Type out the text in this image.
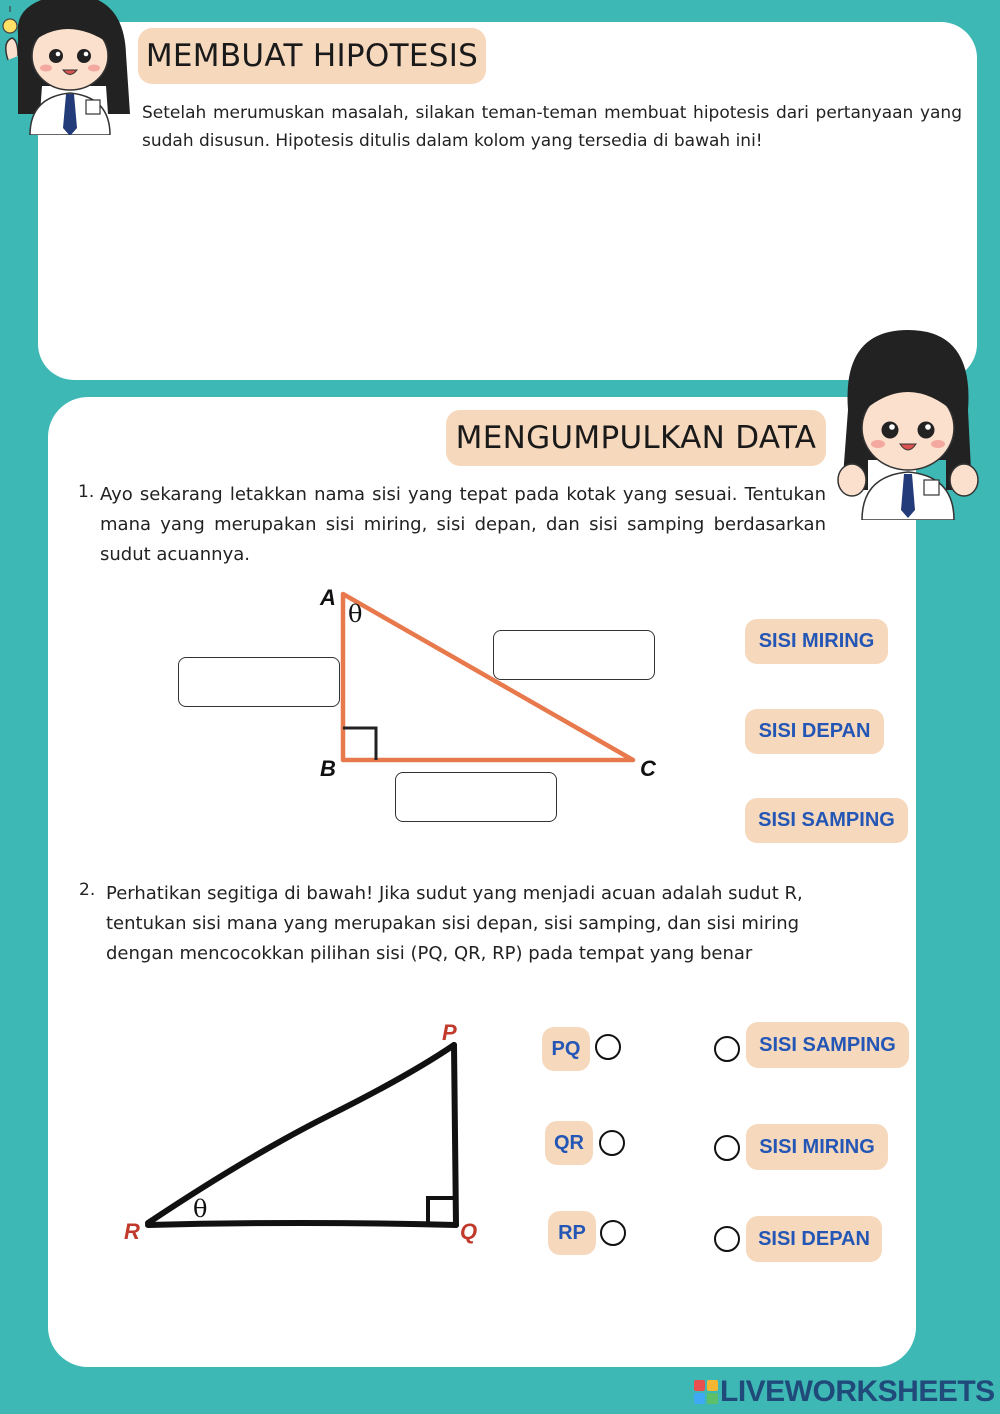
MEMBUAT HIPOTESIS
Setelah merumuskan masalah, silakan teman-teman membuat hipotesis dari pertanyaan yang sudah disusun. Hipotesis ditulis dalam kolom yang tersedia di bawah ini!
MENGUMPULKAN DATA
1. Ayo sekarang letakkan nama sisi yang tepat pada kotak yang sesuai. Tentukan mana yang merupakan sisi miring, sisi depan, dan sisi samping berdasarkan sudut acuannya.
A
B	C
θ
SISI MIRING
SISI DEPAN
SISI SAMPING
2. Perhatikan segitiga di bawah! Jika sudut yang menjadi acuan adalah sudut R, tentukan sisi mana yang merupakan sisi depan, sisi samping, dan sisi miring dengan mencocokkan pilihan sisi (PQ, QR, RP) pada tempat yang benar
P
Q
R
θ
PQ
QR
RP
SISI SAMPING
SISI MIRING
SISI DEPAN
LIVEWORKSHEETS
